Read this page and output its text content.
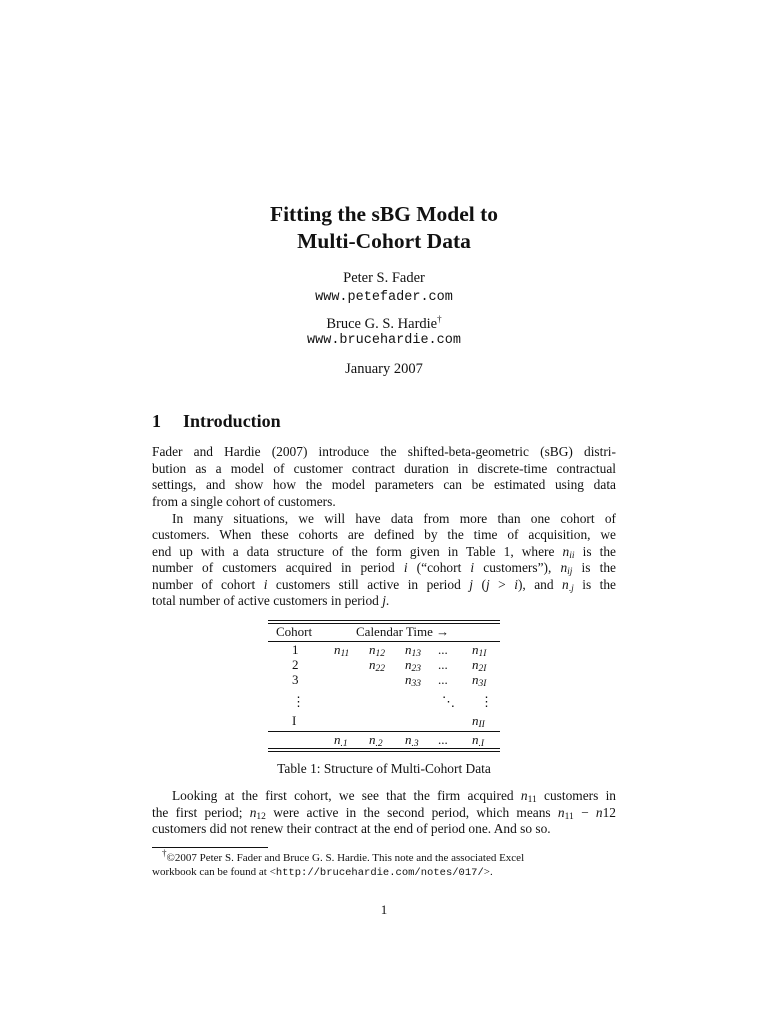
Fitting the sBG Model to
Multi-Cohort Data
Peter S. Fader
www.petefader.com
Bruce G. S. Hardie†
www.brucehardie.com
January 2007
1 Introduction
Fader and Hardie (2007) introduce the shifted-beta-geometric (sBG) distri-
bution as a model of customer contract duration in discrete-time contractual
settings, and show how the model parameters can be estimated using data
from a single cohort of customers.
In many situations, we will have data from more than one cohort of
customers. When these cohorts are defined by the time of acquisition, we
end up with a data structure of the form given in Table 1, where $n_{ii}$ is the
number of customers acquired in period i (“cohort i customers”), $n_{ij}$ is the
number of cohort i customers still active in period j (j > i), and $n_{.j}$ is the
total number of active customers in period j.
Cohort	Calendar Time →
1
2
3
⋮
I
$n_{11}$ $n_{12}$ $n_{13}$ ... $n_{1I}$
$n_{22}$ $n_{23}$ ... $n_{2I}$
$n_{33}$ ... $n_{3I}$
⋱ ⋮
$n_{II}$
$n_{.1}$ $n_{.2}$ $n_{.3}$ ... $n_{.I}$
Table 1: Structure of Multi-Cohort Data
Looking at the first cohort, we see that the firm acquired $n_{11}$ customers in
the first period; $n_{12}$ were active in the second period, which means $n_{11} - n12$
customers did not renew their contract at the end of period one. And so so.
†©2007 Peter S. Fader and Bruce G. S. Hardie. This note and the associated Excel
workbook can be found at <http://brucehardie.com/notes/017/>.
1
